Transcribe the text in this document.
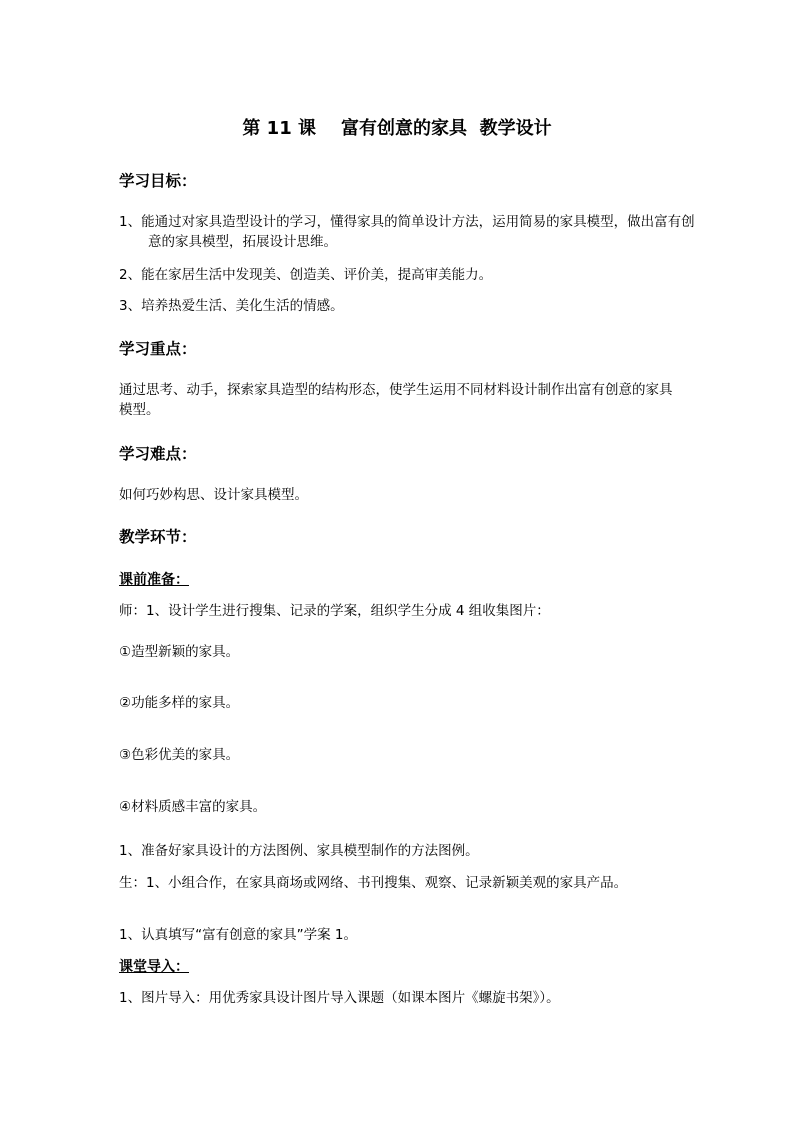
第 11 课    富有创意的家具  教学设计
学习目标：
1、能通过对家具造型设计的学习，懂得家具的简单设计方法，运用简易的家具模型，做出富有创意的家具模型，拓展设计思维。
2、能在家居生活中发现美、创造美、评价美，提高审美能力。
3、培养热爱生活、美化生活的情感。
学习重点：
通过思考、动手，探索家具造型的结构形态，使学生运用不同材料设计制作出富有创意的家具模型。
学习难点：
如何巧妙构思、设计家具模型。
教学环节：
课前准备：
师：1、设计学生进行搜集、记录的学案，组织学生分成 4 组收集图片：
①造型新颖的家具。
②功能多样的家具。
③色彩优美的家具。
④材料质感丰富的家具。
1、准备好家具设计的方法图例、家具模型制作的方法图例。
生：1、小组合作，在家具商场或网络、书刊搜集、观察、记录新颖美观的家具产品。
1、认真填写“富有创意的家具”学案 1。
课堂导入：
1、图片导入：用优秀家具设计图片导入课题（如课本图片《螺旋书架》）。
